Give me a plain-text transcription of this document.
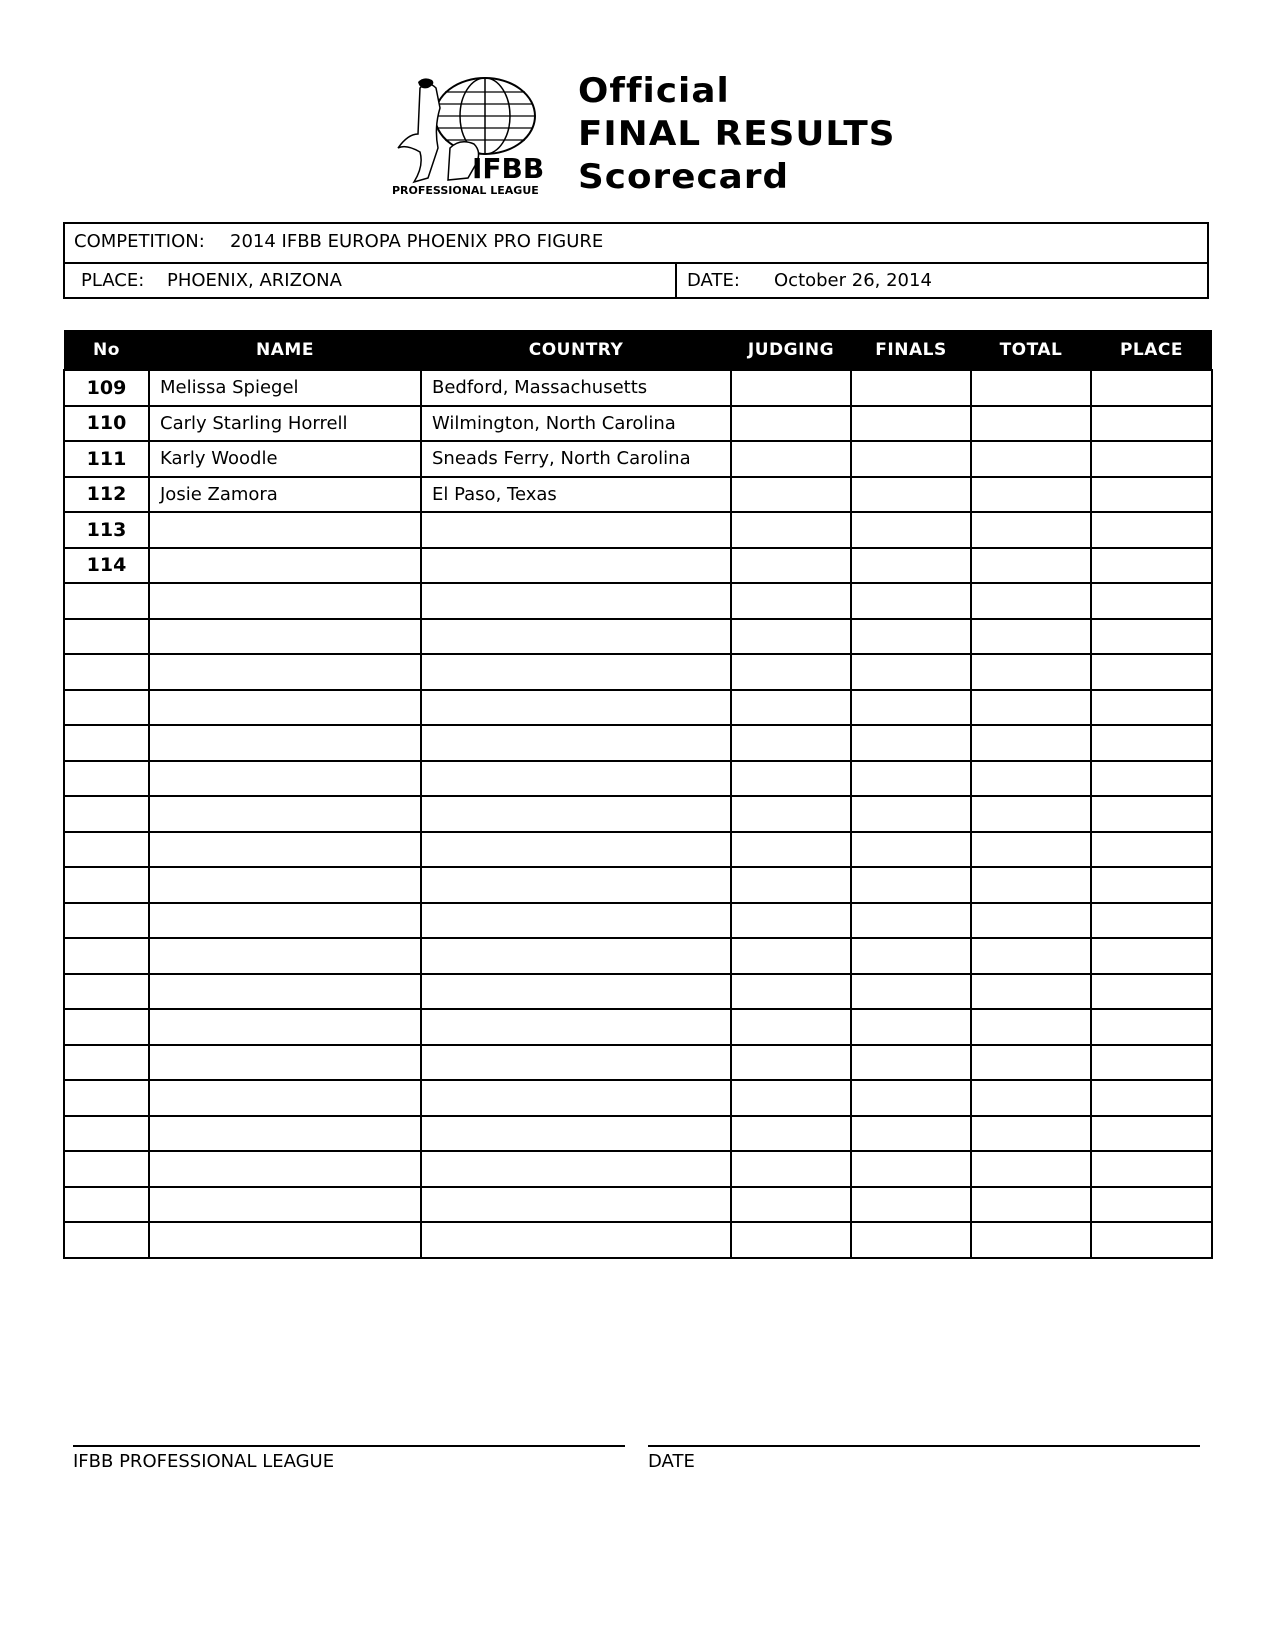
IFBB
PROFESSIONAL LEAGUE
Official
FINAL RESULTS
Scorecard
COMPETITION: 2014 IFBB EUROPA PHOENIX PRO FIGURE
PLACE: PHOENIX, ARIZONA	DATE: October 26, 2014
No	NAME	COUNTRY	JUDGING	FINALS	TOTAL	PLACE
109	Melissa Spiegel	Bedford, Massachusetts				
110	Carly Starling Horrell	Wilmington, North Carolina				
111	Karly Woodle	Sneads Ferry, North Carolina				
112	Josie Zamora	El Paso, Texas				
113						
114						

IFBB PROFESSIONAL LEAGUE	DATE
